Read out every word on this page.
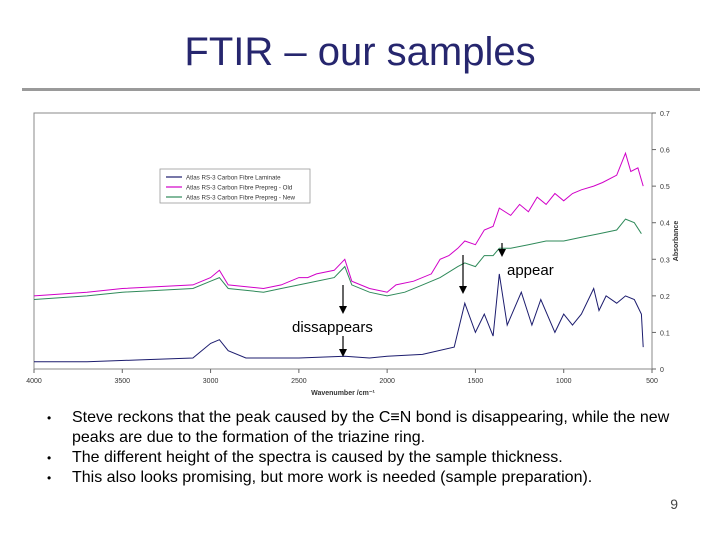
FTIR – our samples
0
0.1
0.2
0.3
0.4
0.5
0.6
0.7
Absorbance
4000	3500	3000	2500	2000	1500	1000	500
Wavenumber /cm⁻¹
Atlas RS-3 Carbon Fibre Laminate
Atlas RS-3 Carbon Fibre Prepreg - Old
Atlas RS-3 Carbon Fibre Prepreg - New
appear
dissappears
• Steve reckons that the peak caused by the C≡N bond is disappearing, while the new peaks are due to the formation of the triazine ring.
• The different height of the spectra is caused by the sample thickness.
• This also looks promising, but more work is needed (sample preparation).
9
